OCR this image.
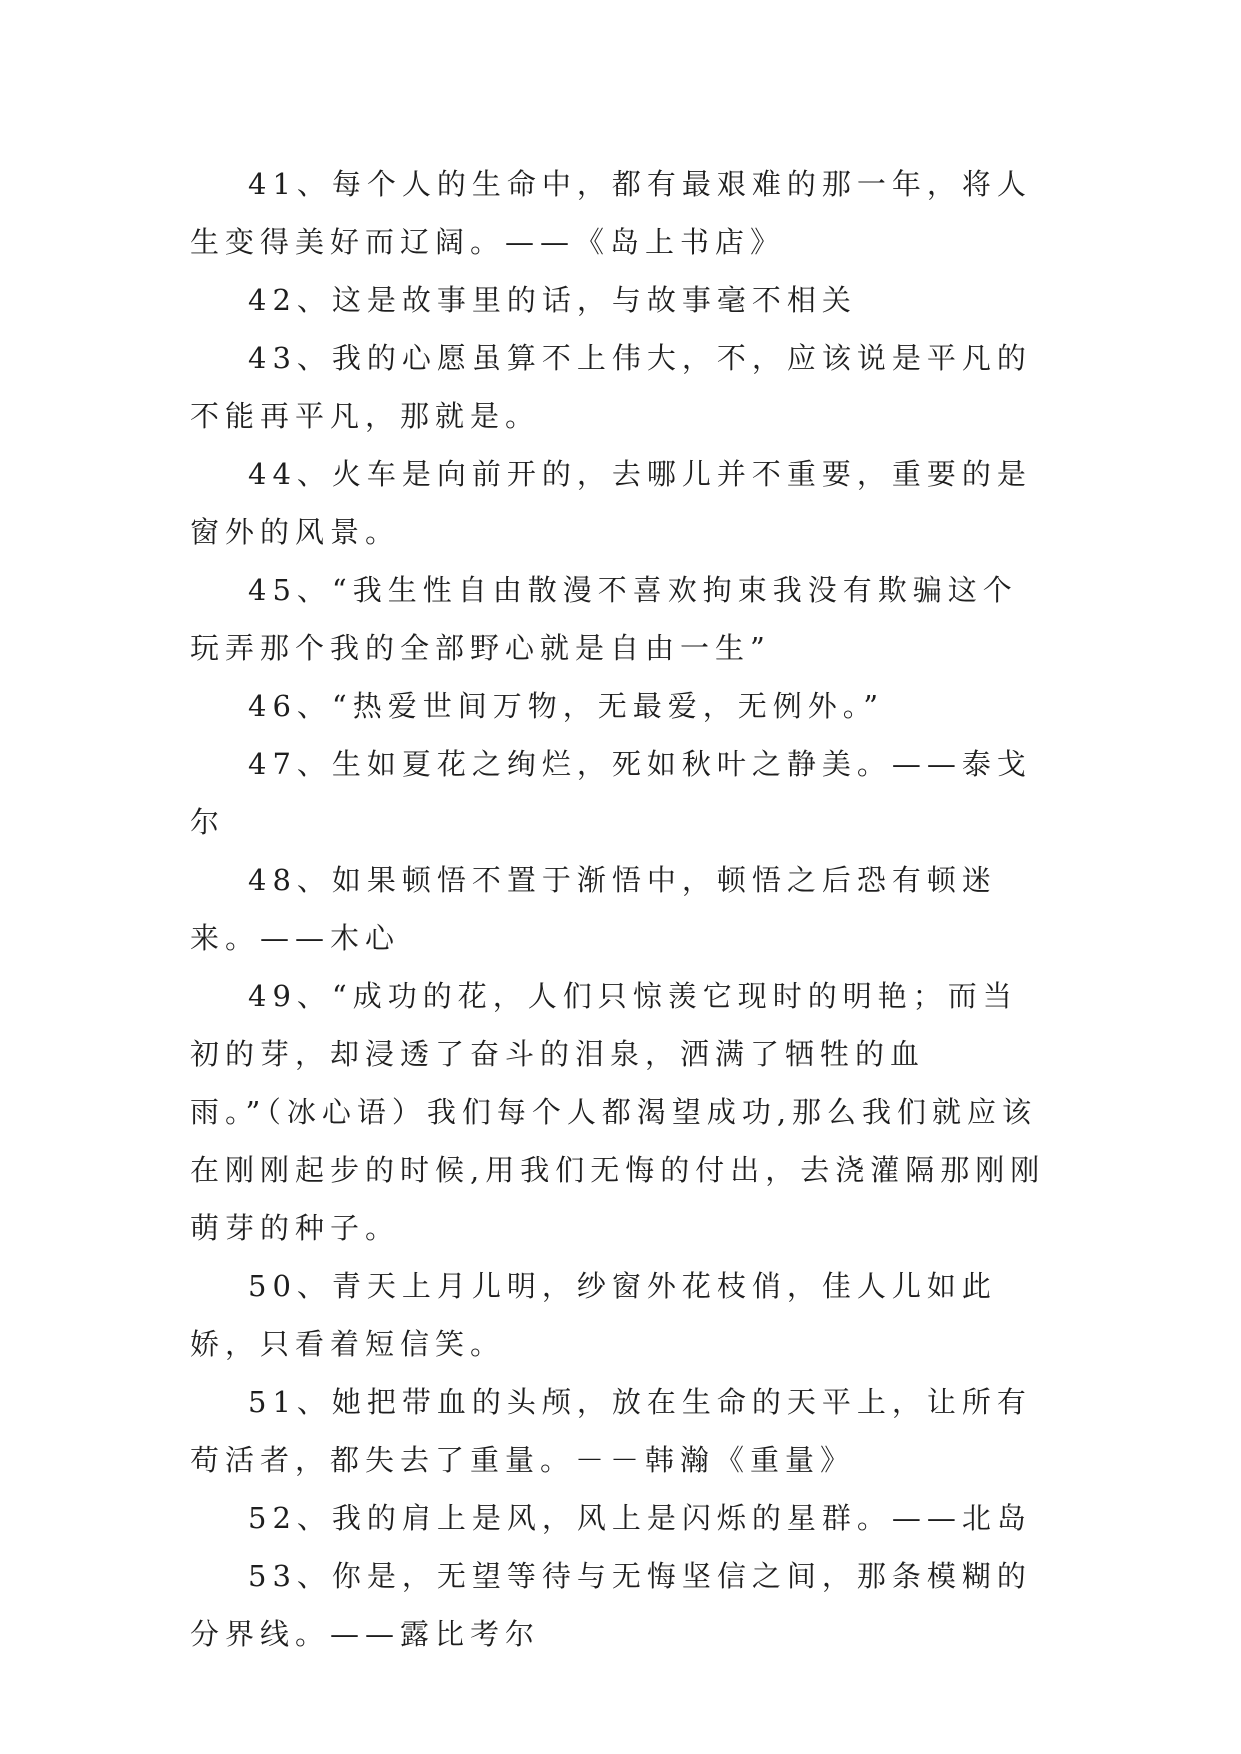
41、每个人的生命中，都有最艰难的那一年，将人生变得美好而辽阔。——《岛上书店》

42、这是故事里的话，与故事毫不相关

43、我的心愿虽算不上伟大，不，应该说是平凡的不能再平凡，那就是。

44、火车是向前开的，去哪儿并不重要，重要的是窗外的风景。

45、“我生性自由散漫不喜欢拘束我没有欺骗这个玩弄那个我的全部野心就是自由一生”

46、“热爱世间万物，无最爱，无例外。”

47、生如夏花之绚烂，死如秋叶之静美。——泰戈尔

48、如果顿悟不置于渐悟中，顿悟之后恐有顿迷来。——木心

49、“成功的花，人们只惊羡它现时的明艳；而当初的芽，却浸透了奋斗的泪泉，洒满了牺牲的血雨。”（冰心语）我们每个人都渴望成功,那么我们就应该在刚刚起步的时候,用我们无悔的付出，去浇灌隔那刚刚萌芽的种子。

50、青天上月儿明，纱窗外花枝俏，佳人儿如此娇，只看着短信笑。

51、她把带血的头颅，放在生命的天平上，让所有苟活者，都失去了重量。－－韩瀚《重量》

52、我的肩上是风，风上是闪烁的星群。——北岛

53、你是，无望等待与无悔坚信之间，那条模糊的分界线。——露比考尔
